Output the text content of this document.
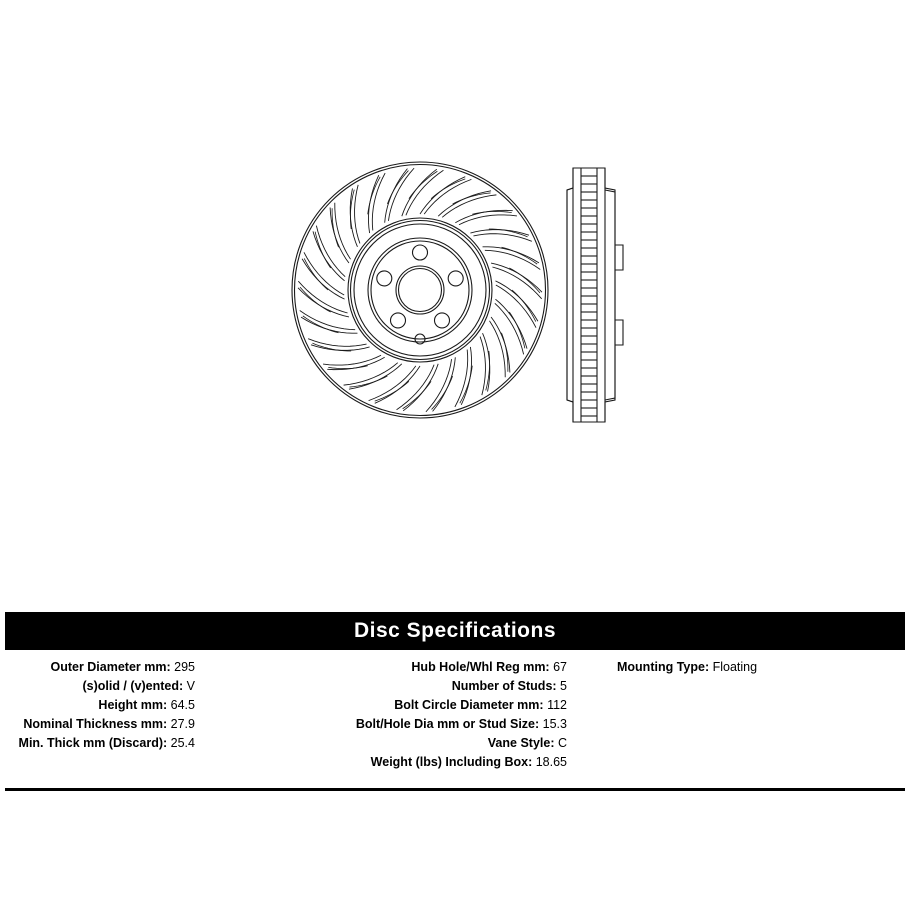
Disc Specifications
Outer Diameter mm: 295
(s)olid / (v)ented: V
Height mm: 64.5
Nominal Thickness mm: 27.9
Min. Thick mm (Discard): 25.4
Hub Hole/Whl Reg mm: 67
Number of Studs: 5
Bolt Circle Diameter mm: 112
Bolt/Hole Dia mm or Stud Size: 15.3
Vane Style: C
Weight (lbs) Including Box: 18.65
Mounting Type: Floating
